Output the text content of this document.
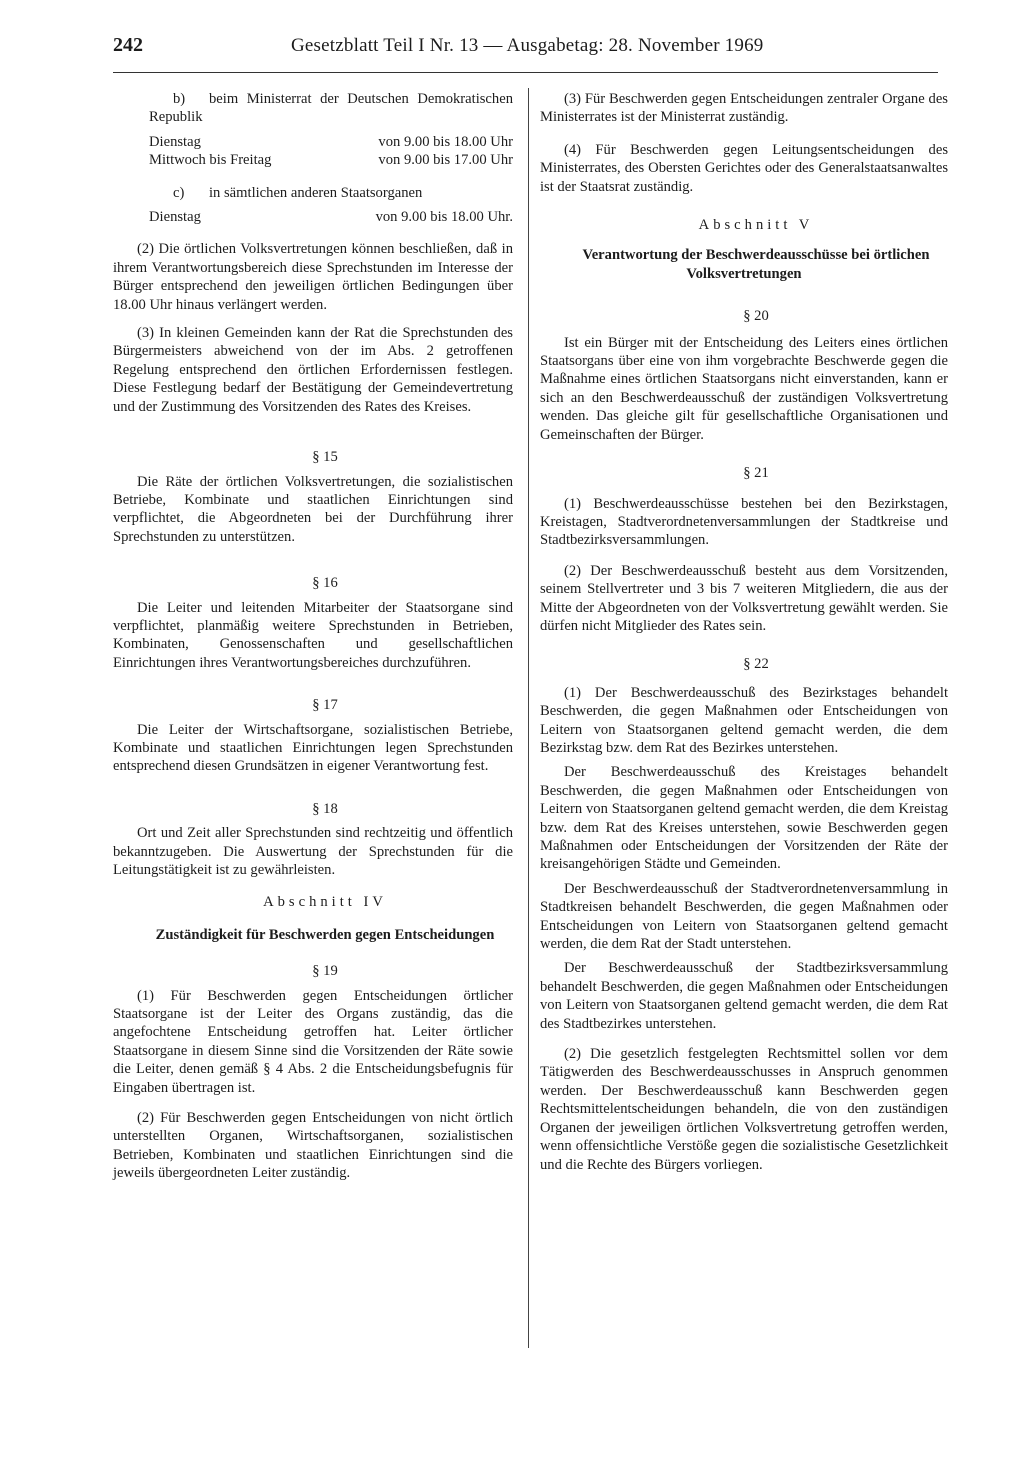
242	Gesetzblatt Teil I Nr. 13 — Ausgabetag: 28. November 1969

b) beim Ministerrat der Deutschen Demokratischen Republik

Dienstag	von 9.00 bis 18.00 Uhr
Mittwoch bis Freitag	von 9.00 bis 17.00 Uhr

c) in sämtlichen anderen Staatsorganen

Dienstag	von 9.00 bis 18.00 Uhr.

(2) Die örtlichen Volksvertretungen können beschließen, daß in ihrem Verantwortungsbereich diese Sprechstunden im Interesse der Bürger entsprechend den jeweiligen örtlichen Bedingungen über 18.00 Uhr hinaus verlängert werden.

(3) In kleinen Gemeinden kann der Rat die Sprechstunden des Bürgermeisters abweichend von der im Abs. 2 getroffenen Regelung entsprechend den örtlichen Erfordernissen festlegen. Diese Festlegung bedarf der Bestätigung der Gemeindevertretung und der Zustimmung des Vorsitzenden des Rates des Kreises.

§ 15

Die Räte der örtlichen Volksvertretungen, die sozialistischen Betriebe, Kombinate und staatlichen Einrichtungen sind verpflichtet, die Abgeordneten bei der Durchführung ihrer Sprechstunden zu unterstützen.

§ 16

Die Leiter und leitenden Mitarbeiter der Staatsorgane sind verpflichtet, planmäßig weitere Sprechstunden in Betrieben, Kombinaten, Genossenschaften und gesellschaftlichen Einrichtungen ihres Verantwortungsbereiches durchzuführen.

§ 17

Die Leiter der Wirtschaftsorgane, sozialistischen Betriebe, Kombinate und staatlichen Einrichtungen legen Sprechstunden entsprechend diesen Grundsätzen in eigener Verantwortung fest.

§ 18

Ort und Zeit aller Sprechstunden sind rechtzeitig und öffentlich bekanntzugeben. Die Auswertung der Sprechstunden für die Leitungstätigkeit ist zu gewährleisten.

Abschnitt IV

Zuständigkeit für Beschwerden gegen Entscheidungen

§ 19

(1) Für Beschwerden gegen Entscheidungen örtlicher Staatsorgane ist der Leiter des Organs zuständig, das die angefochtene Entscheidung getroffen hat. Leiter örtlicher Staatsorgane in diesem Sinne sind die Vorsitzenden der Räte sowie die Leiter, denen gemäß § 4 Abs. 2 die Entscheidungsbefugnis für Eingaben übertragen ist.

(2) Für Beschwerden gegen Entscheidungen von nicht örtlich unterstellten Organen, Wirtschaftsorganen, sozialistischen Betrieben, Kombinaten und staatlichen Einrichtungen sind die jeweils übergeordneten Leiter zuständig.

(3) Für Beschwerden gegen Entscheidungen zentraler Organe des Ministerrates ist der Ministerrat zuständig.

(4) Für Beschwerden gegen Leitungsentscheidungen des Ministerrates, des Obersten Gerichtes oder des Generalstaatsanwaltes ist der Staatsrat zuständig.

Abschnitt V

Verantwortung der Beschwerdeausschüsse bei örtlichen Volksvertretungen

§ 20

Ist ein Bürger mit der Entscheidung des Leiters eines örtlichen Staatsorgans über eine von ihm vorgebrachte Beschwerde gegen die Maßnahme eines örtlichen Staatsorgans nicht einverstanden, kann er sich an den Beschwerdeausschuß der zuständigen Volksvertretung wenden. Das gleiche gilt für gesellschaftliche Organisationen und Gemeinschaften der Bürger.

§ 21

(1) Beschwerdeausschüsse bestehen bei den Bezirkstagen, Kreistagen, Stadtverordnetenversammlungen der Stadtkreise und Stadtbezirksversammlungen.

(2) Der Beschwerdeausschuß besteht aus dem Vorsitzenden, seinem Stellvertreter und 3 bis 7 weiteren Mitgliedern, die aus der Mitte der Abgeordneten von der Volksvertretung gewählt werden. Sie dürfen nicht Mitglieder des Rates sein.

§ 22

(1) Der Beschwerdeausschuß des Bezirkstages behandelt Beschwerden, die gegen Maßnahmen oder Entscheidungen von Leitern von Staatsorganen geltend gemacht werden, die dem Bezirkstag bzw. dem Rat des Bezirkes unterstehen.

Der Beschwerdeausschuß des Kreistages behandelt Beschwerden, die gegen Maßnahmen oder Entscheidungen von Leitern von Staatsorganen geltend gemacht werden, die dem Kreistag bzw. dem Rat des Kreises unterstehen, sowie Beschwerden gegen Maßnahmen oder Entscheidungen der Vorsitzenden der Räte der kreisangehörigen Städte und Gemeinden.

Der Beschwerdeausschuß der Stadtverordnetenversammlung in Stadtkreisen behandelt Beschwerden, die gegen Maßnahmen oder Entscheidungen von Leitern von Staatsorganen geltend gemacht werden, die dem Rat der Stadt unterstehen.

Der Beschwerdeausschuß der Stadtbezirksversammlung behandelt Beschwerden, die gegen Maßnahmen oder Entscheidungen von Leitern von Staatsorganen geltend gemacht werden, die dem Rat des Stadtbezirkes unterstehen.

(2) Die gesetzlich festgelegten Rechtsmittel sollen vor dem Tätigwerden des Beschwerdeausschusses in Anspruch genommen werden. Der Beschwerdeausschuß kann Beschwerden gegen Rechtsmittelentscheidungen behandeln, die von den zuständigen Organen der jeweiligen örtlichen Volksvertretung getroffen werden, wenn offensichtliche Verstöße gegen die sozialistische Gesetzlichkeit und die Rechte des Bürgers vorliegen.
